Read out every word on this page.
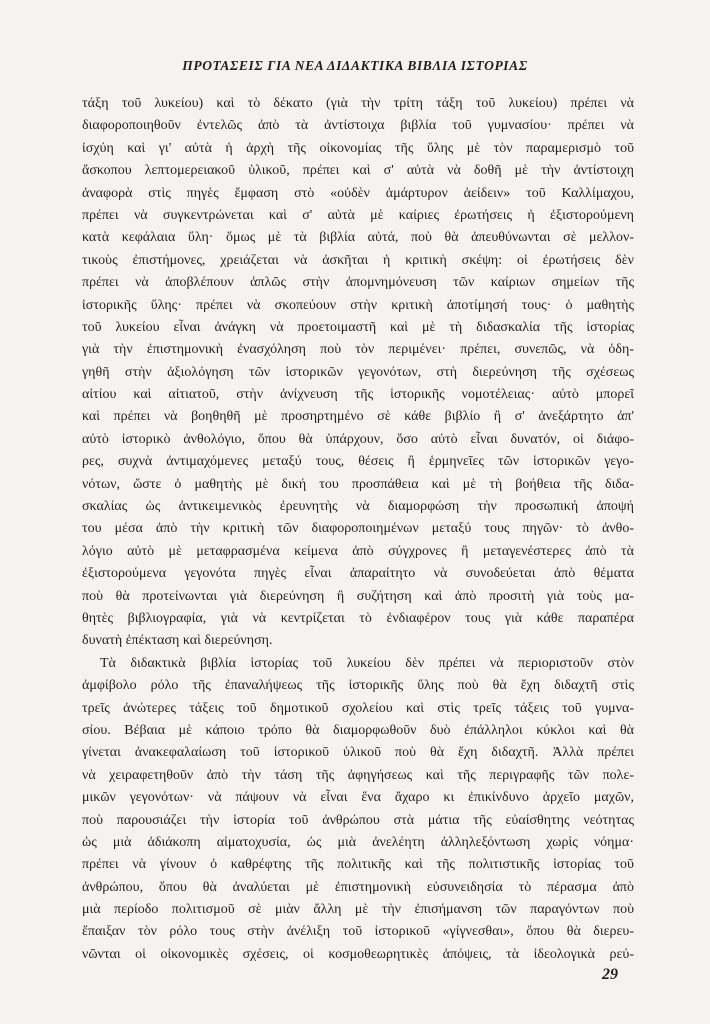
ΠΡΟΤΑΣΕΙΣ ΓΙΑ ΝΕΑ ΔΙΔΑΚΤΙΚΑ ΒΙΒΛΙΑ ΙΣΤΟΡΙΑΣ
τάξη τοῦ λυκείου) καὶ τὸ δέκατο (γιὰ τὴν τρίτη τάξη τοῦ λυκείου) πρέπει νὰ
διαφοροποιηθοῦν ἐντελῶς ἀπὸ τὰ ἀντίστοιχα βιβλία τοῦ γυμνασίου· πρέπει νὰ
ἰσχύη καὶ γι' αὐτὰ ἡ ἀρχὴ τῆς οἰκονομίας τῆς ὕλης μὲ τὸν παραμερισμὸ τοῦ
ἄσκοπου λεπτομερειακοῦ ὑλικοῦ, πρέπει καὶ σ' αὐτὰ νὰ δοθῆ μὲ τὴν ἀντίστοιχη
ἀναφορὰ στὶς πηγὲς ἔμφαση στὸ «οὐδὲν ἀμάρτυρον ἀείδειν» τοῦ Καλλίμαχου,
πρέπει νὰ συγκεντρώνεται καὶ σ' αὐτὰ μὲ καίριες ἐρωτήσεις ἡ ἐξιστορούμενη
κατὰ κεφάλαια ὕλη· ὅμως μὲ τὰ βιβλία αὐτά, ποὺ θὰ ἀπευθύνωνται σὲ μελλον-
τικοὺς ἐπιστήμονες, χρειάζεται νὰ ἀσκῆται ἡ κριτικὴ σκέψη: οἱ ἐρωτήσεις δὲν
πρέπει νὰ ἀποβλέπουν ἁπλῶς στὴν ἀπομνημόνευση τῶν καίριων σημείων τῆς
ἱστορικῆς ὕλης· πρέπει νὰ σκοπεύουν στὴν κριτικὴ ἀποτίμησή τους· ὁ μαθητὴς
τοῦ λυκείου εἶναι ἀνάγκη νὰ προετοιμαστῆ καὶ μὲ τὴ διδασκαλία τῆς ἱστορίας
γιὰ τὴν ἐπιστημονικὴ ἐνασχόληση ποὺ τὸν περιμένει· πρέπει, συνεπῶς, νὰ ὁδη-
γηθῆ στὴν ἀξιολόγηση τῶν ἱστορικῶν γεγονότων, στὴ διερεύνηση τῆς σχέσεως
αἰτίου καὶ αἰτιατοῦ, στὴν ἀνίχνευση τῆς ἱστορικῆς νομοτέλειας· αὐτὸ μπορεῖ
καὶ πρέπει νὰ βοηθηθῆ μὲ προσηρτημένο σὲ κάθε βιβλίο ἢ σ' ἀνεξάρτητο ἀπ'
αὐτὸ ἱστορικὸ ἀνθολόγιο, ὅπου θὰ ὑπάρχουν, ὅσο αὐτὸ εἶναι δυνατόν, οἱ διάφο-
ρες, συχνὰ ἀντιμαχόμενες μεταξύ τους, θέσεις ἢ ἑρμηνεῖες τῶν ἱστορικῶν γεγο-
νότων, ὥστε ὁ μαθητὴς μὲ δική του προσπάθεια καὶ μὲ τὴ βοήθεια τῆς διδα-
σκαλίας ὡς ἀντικειμενικὸς ἐρευνητὴς νὰ διαμορφώση τὴν προσωπική ἀποψή
του μέσα ἀπὸ τὴν κριτικὴ τῶν διαφοροποιημένων μεταξύ τους πηγῶν· τὸ ἀνθο-
λόγιο αὐτὸ μὲ μεταφρασμένα κείμενα ἀπὸ σύγχρονες ἢ μεταγενέστερες ἀπὸ τὰ
ἐξιστορούμενα γεγονότα πηγὲς εἶναι ἀπαραίτητο νὰ συνοδεύεται ἀπὸ θέματα
ποὺ θὰ προτείνωνται γιὰ διερεύνηση ἢ συζήτηση καὶ ἀπὸ προσιτὴ γιὰ τοὺς μα-
θητὲς βιβλιογραφία, γιὰ νὰ κεντρίζεται τὸ ἐνδιαφέρον τους γιὰ κάθε παραπέρα
δυνατὴ ἐπέκταση καὶ διερεύνηση.
Τὰ διδακτικὰ βιβλία ἱστορίας τοῦ λυκείου δὲν πρέπει νὰ περιοριστοῦν στὸν
ἀμφίβολο ρόλο τῆς ἐπαναλήψεως τῆς ἱστορικῆς ὕλης ποὺ θὰ ἔχη διδαχτῆ στὶς
τρεῖς ἀνώτερες τάξεις τοῦ δημοτικοῦ σχολείου καὶ στὶς τρεῖς τάξεις τοῦ γυμνα-
σίου. Βέβαια μὲ κάποιο τρόπο θὰ διαμορφωθοῦν δυὸ ἐπάλληλοι κύκλοι καὶ θὰ
γίνεται ἀνακεφαλαίωση τοῦ ἱστορικοῦ ὑλικοῦ ποὺ θὰ ἔχη διδαχτῆ. Ἀλλὰ πρέπει
νὰ χειραφετηθοῦν ἀπὸ τὴν τάση τῆς ἀφηγήσεως καὶ τῆς περιγραφῆς τῶν πολε-
μικῶν γεγονότων· νὰ πάψουν νὰ εἶναι ἕνα ἄχαρο κι ἐπικίνδυνο ἀρχεῖο μαχῶν,
ποὺ παρουσιάζει τὴν ἱστορία τοῦ ἀνθρώπου στὰ μάτια τῆς εὐαίσθητης νεότητας
ὡς μιὰ ἀδιάκοπη αἱματοχυσία, ὡς μιὰ ἀνελέητη ἀλληλεξόντωση χωρὶς νόημα·
πρέπει νὰ γίνουν ὁ καθρέφτης τῆς πολιτικῆς καὶ τῆς πολιτιστικῆς ἱστορίας τοῦ
ἀνθρώπου, ὅπου θὰ ἀναλύεται μὲ ἐπιστημονικὴ εὐσυνειδησία τὸ πέρασμα ἀπὸ
μιὰ περίοδο πολιτισμοῦ σὲ μιὰν ἄλλη μὲ τὴν ἐπισήμανση τῶν παραγόντων ποὺ
ἔπαιξαν τὸν ρόλο τους στὴν ἀνέλιξη τοῦ ἱστορικοῦ «γίγνεσθαι», ὅπου θὰ διερευ-
νῶνται οἱ οἰκονομικὲς σχέσεις, οἱ κοσμοθεωρητικὲς ἀπόψεις, τὰ ἰδεολογικὰ ρεύ-
29
